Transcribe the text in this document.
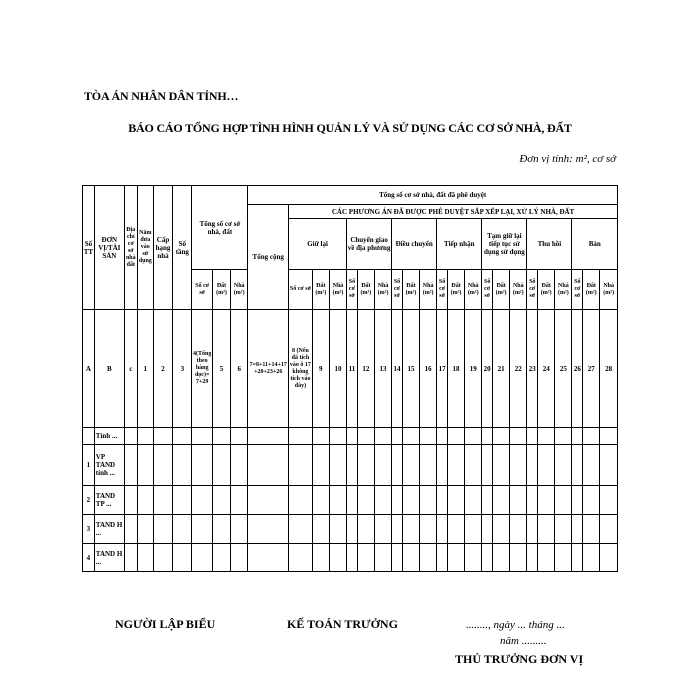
TÒA ÁN NHÂN DÂN TỈNH…
BÁO CÁO TỔNG HỢP TÌNH HÌNH QUẢN LÝ VÀ SỬ DỤNG CÁC CƠ SỞ NHÀ, ĐẤT
Đơn vị tính: m², cơ sở
Số TT	ĐƠN VỊ/TÀI SẢN	Địa chỉ cơ sở nhà đất	Năm đưa vào sử dụng	Cấp hạng nhà	Số tầng	Tổng số cơ sở nhà, đất			Tổng số cơ sở nhà, đất đã phê duyệt																					
									Tổng cộng	CÁC PHƯƠNG ÁN ĐÃ ĐƯỢC PHÊ DUYỆT SẮP XẾP LẠI, XỬ LÝ NHÀ, ĐẤT																				
										Giữ lại			Chuyển giao về địa phương			Điều chuyển			Tiếp nhận			Tạm giữ lại tiếp tục sử dụng sử dụng			Thu hồi			Bán		
						Số cơ sở	Đất (m²)	Nhà (m²)		Số cơ sở	Đất (m²)	Nhà (m²)	Số cơ sở	Đất (m²)	Nhà (m²)	Số cơ sở	Đất (m²)	Nhà (m²)	Số cơ sở	Đất (m²)	Nhà (m²)	Số cơ sở	Đất (m²)	Nhà (m²)	Số cơ sở	Đất (m²)	Nhà (m²)	Số cơ sở	Đất (m²)	Nhà (m²)
A	B	c	1	2	3	4(Tổng theo hàng dọc)= 7+29	5	6	7=8+11+14+17+20+23+26	8 (Nếu đã tích vào ô 17 không tích vào đây)	9	10	11	12	13	14	15	16	17	18	19	20	21	22	23	24	25	26	27	28
	Tỉnh ...																													
1	VP TAND tỉnh ...																													
2	TAND TP ...																													
3	TAND H ...																													
4	TAND H ...																													
NGƯỜI LẬP BIỂU	KẾ TOÁN TRƯỞNG	........, ngày ... tháng ...
năm .........
THỦ TRƯỞNG ĐƠN VỊ
